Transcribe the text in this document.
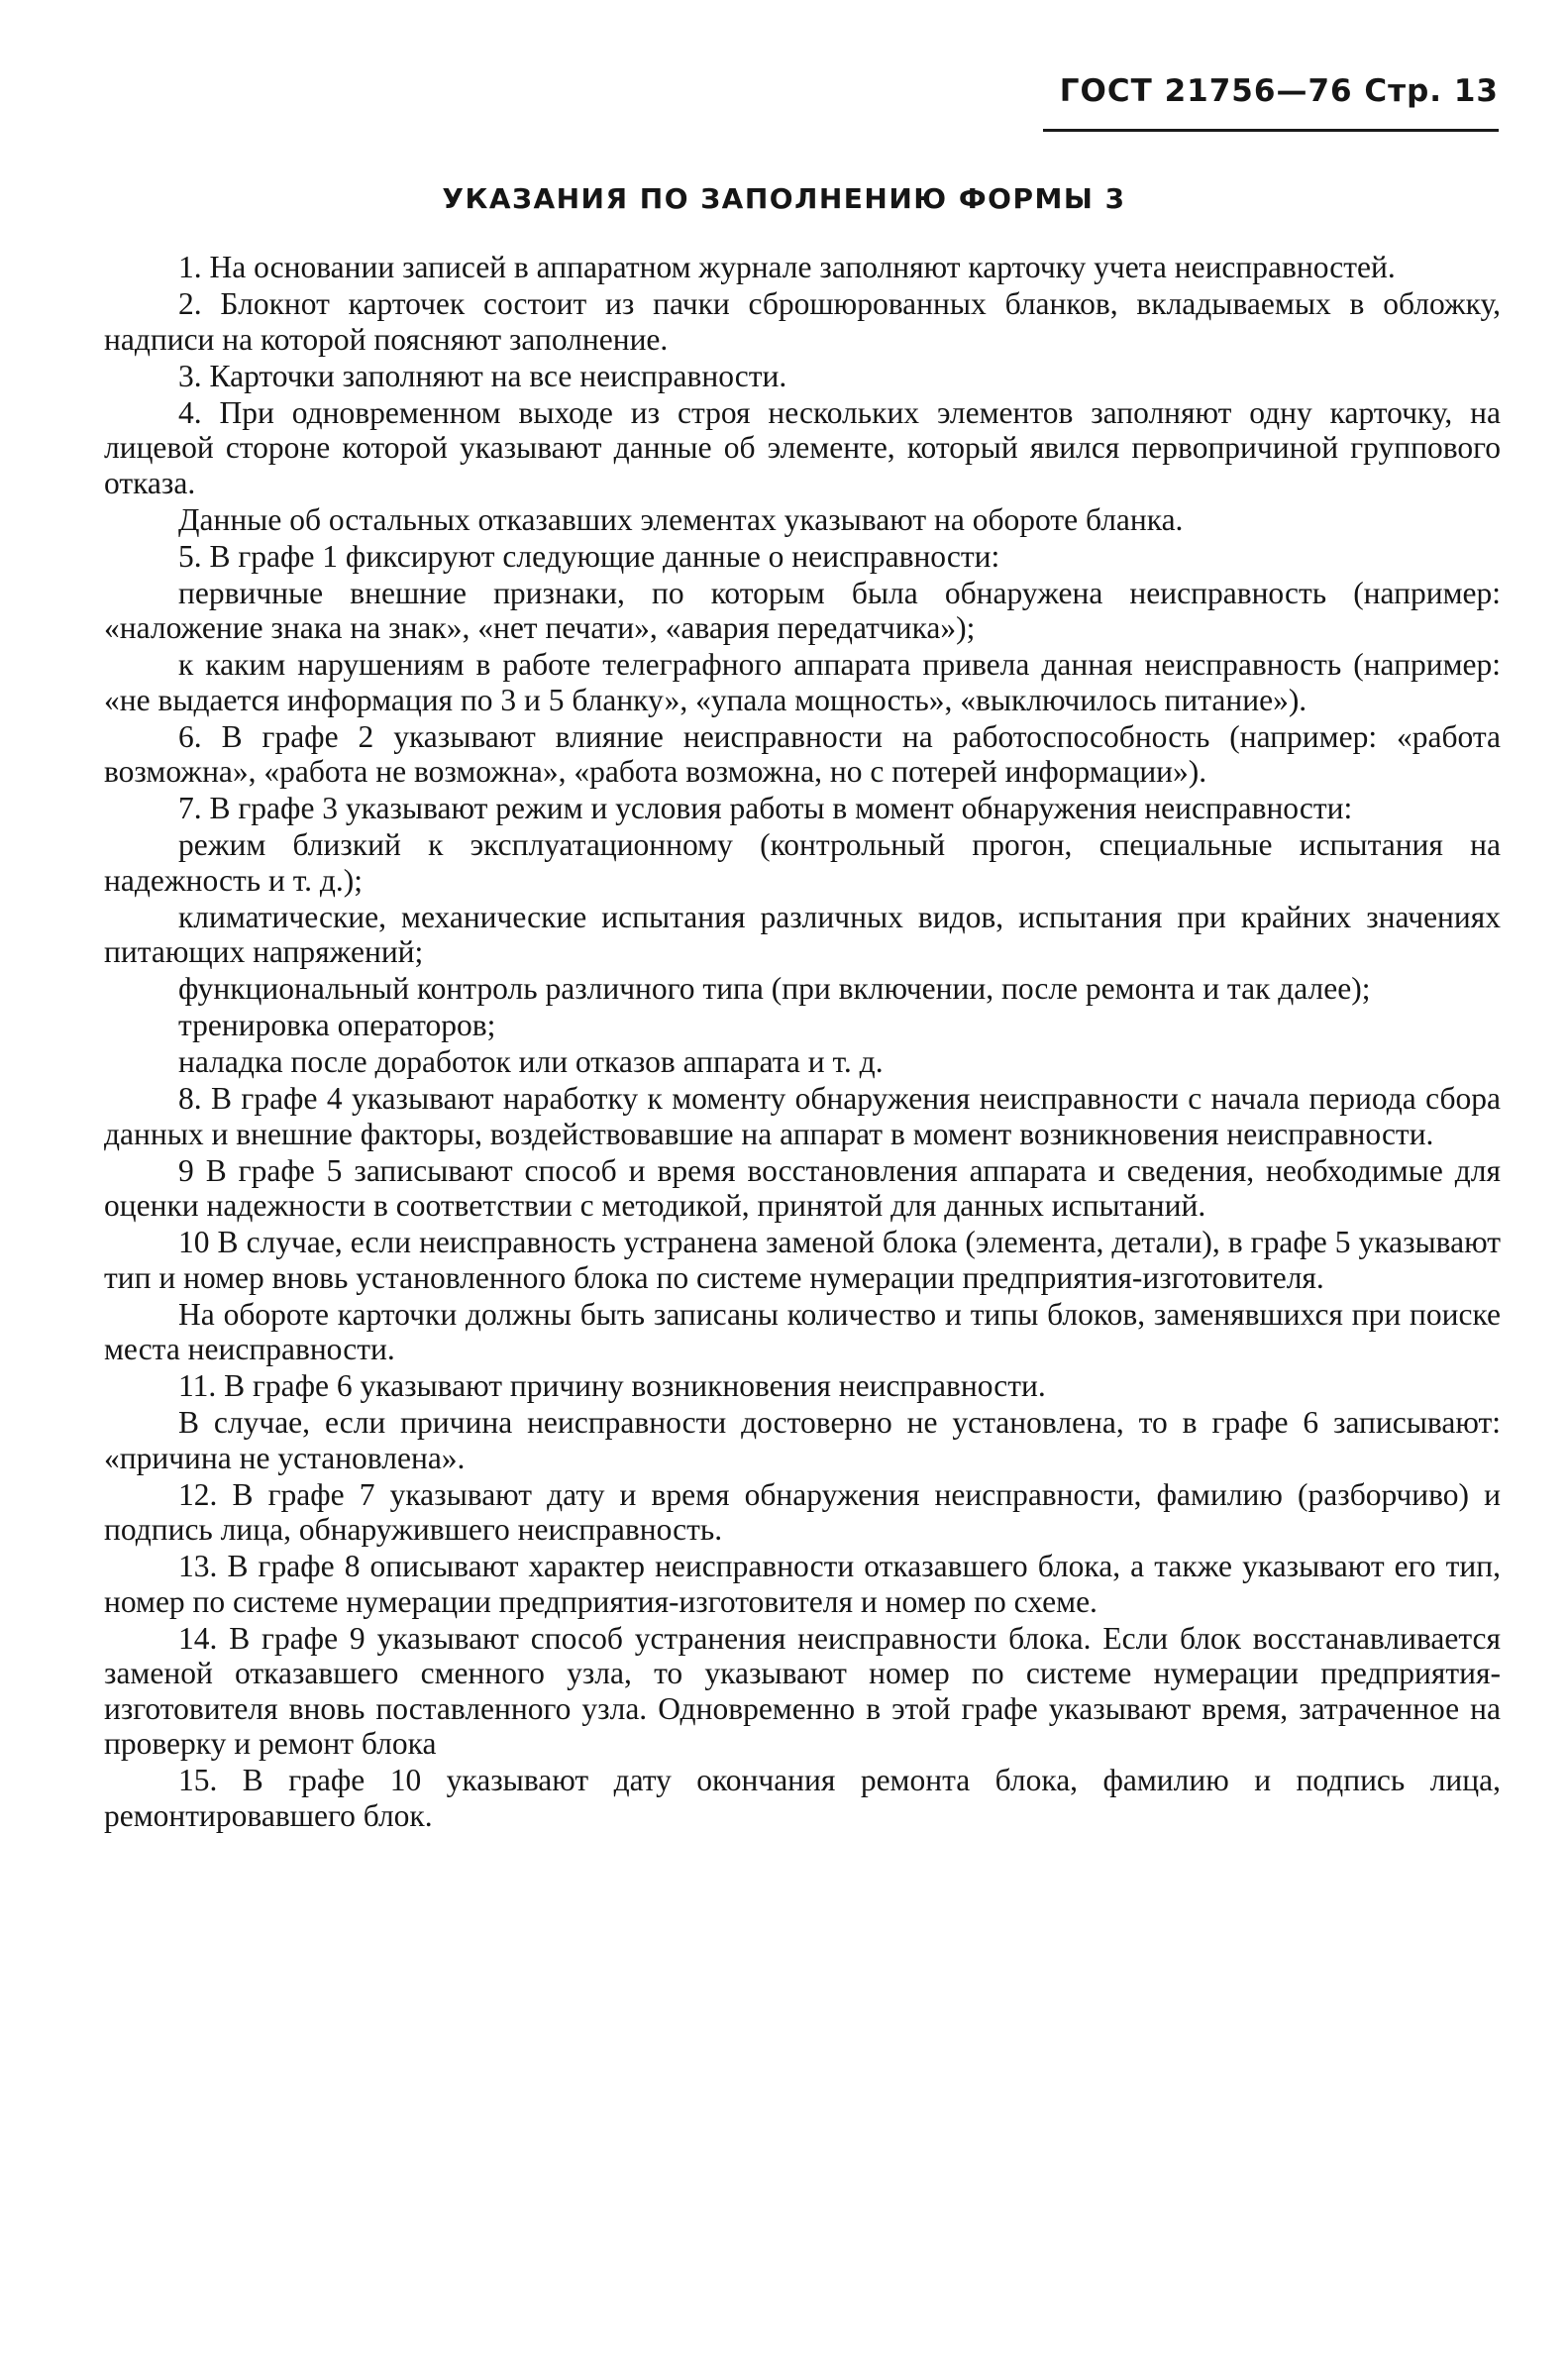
ГОСТ 21756—76 Стр. 13
УКАЗАНИЯ ПО ЗАПОЛНЕНИЮ ФОРМЫ 3

1. На основании записей в аппаратном журнале заполняют карточку учета неисправностей.

2. Блокнот карточек состоит из пачки сброшюрованных бланков, вкладываемых в обложку, надписи на которой поясняют заполнение.

3. Карточки заполняют на все неисправности.

4. При одновременном выходе из строя нескольких элементов заполняют одну карточку, на лицевой стороне которой указывают данные об элементе, который явился первопричиной группового отказа.

Данные об остальных отказавших элементах указывают на обороте бланка.

5. В графе 1 фиксируют следующие данные о неисправности:

первичные внешние признаки, по которым была обнаружена неисправность (например: «наложение знака на знак», «нет печати», «авария передатчика»);

к каким нарушениям в работе телеграфного аппарата привела данная неисправность (например: «не выдается информация по 3 и 5 бланку», «упала мощность», «выключилось питание»).

6. В графе 2 указывают влияние неисправности на работоспособность (например: «работа возможна», «работа не возможна», «работа возможна, но с потерей информации»).

7. В графе 3 указывают режим и условия работы в момент обнаружения неисправности:

режим близкий к эксплуатационному (контрольный прогон, специальные испытания на надежность и т. д.);

климатические, механические испытания различных видов, испытания при крайних значениях питающих напряжений;

функциональный контроль различного типа (при включении, после ремонта и так далее);

тренировка операторов;

наладка после доработок или отказов аппарата и т. д.

8. В графе 4 указывают наработку к моменту обнаружения неисправности с начала периода сбора данных и внешние факторы, воздействовавшие на аппарат в момент возникновения неисправности.

9 В графе 5 записывают способ и время восстановления аппарата и сведения, необходимые для оценки надежности в соответствии с методикой, принятой для данных испытаний.

10 В случае, если неисправность устранена заменой блока (элемента, детали), в графе 5 указывают тип и номер вновь установленного блока по системе нумерации предприятия-изготовителя.

На обороте карточки должны быть записаны количество и типы блоков, заменявшихся при поиске места неисправности.

11. В графе 6 указывают причину возникновения неисправности.

В случае, если причина неисправности достоверно не установлена, то в графе 6 записывают: «причина не установлена».

12. В графе 7 указывают дату и время обнаружения неисправности, фамилию (разборчиво) и подпись лица, обнаружившего неисправность.

13. В графе 8 описывают характер неисправности отказавшего блока, а также указывают его тип, номер по системе нумерации предприятия-изготовителя и номер по схеме.

14. В графе 9 указывают способ устранения неисправности блока. Если блок восстанавливается заменой отказавшего сменного узла, то указывают номер по системе нумерации предприятия-изготовителя вновь поставленного узла. Одновременно в этой графе указывают время, затраченное на проверку и ремонт блока

15. В графе 10 указывают дату окончания ремонта блока, фамилию и подпись лица, ремонтировавшего блок.
